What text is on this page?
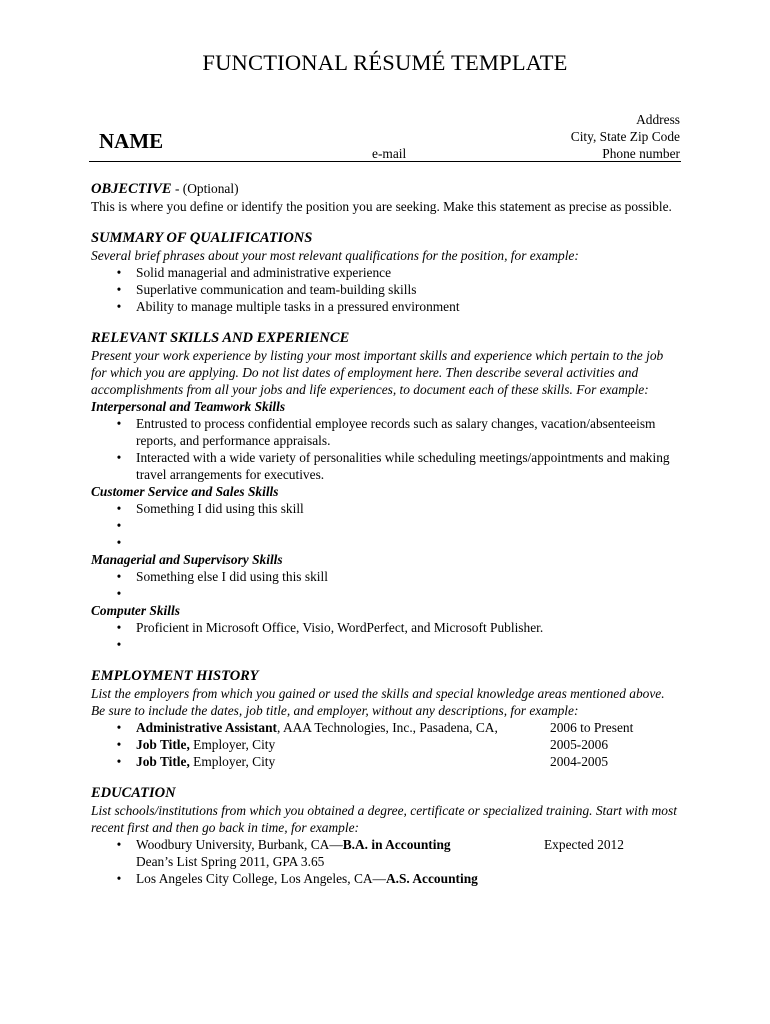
FUNCTIONAL RÉSUMÉ TEMPLATE
NAME
e-mail
Address
City, State Zip Code
Phone number
OBJECTIVE - (Optional)
This is where you define or identify the position you are seeking. Make this statement as precise as possible.
SUMMARY OF QUALIFICATIONS
Several brief phrases about your most relevant qualifications for the position, for example:
• Solid managerial and administrative experience
• Superlative communication and team-building skills
• Ability to manage multiple tasks in a pressured environment
RELEVANT SKILLS AND EXPERIENCE
Present your work experience by listing your most important skills and experience which pertain to the job for which you are applying. Do not list dates of employment here. Then describe several activities and accomplishments from all your jobs and life experiences, to document each of these skills. For example:
Interpersonal and Teamwork Skills
• Entrusted to process confidential employee records such as salary changes, vacation/absenteeism reports, and performance appraisals.
• Interacted with a wide variety of personalities while scheduling meetings/appointments and making travel arrangements for executives.
Customer Service and Sales Skills
• Something I did using this skill
•
•
Managerial and Supervisory Skills
• Something else I did using this skill
•
Computer Skills
• Proficient in Microsoft Office, Visio, WordPerfect, and Microsoft Publisher.
•
EMPLOYMENT HISTORY
List the employers from which you gained or used the skills and special knowledge areas mentioned above. Be sure to include the dates, job title, and employer, without any descriptions, for example:
• Administrative Assistant, AAA Technologies, Inc., Pasadena, CA,	2006 to Present
• Job Title, Employer, City	2005-2006
• Job Title, Employer, City	2004-2005
EDUCATION
List schools/institutions from which you obtained a degree, certificate or specialized training. Start with most recent first and then go back in time, for example:
• Woodbury University, Burbank, CA—B.A. in Accounting	Expected 2012
Dean’s List Spring 2011, GPA 3.65
• Los Angeles City College, Los Angeles, CA—A.S. Accounting
